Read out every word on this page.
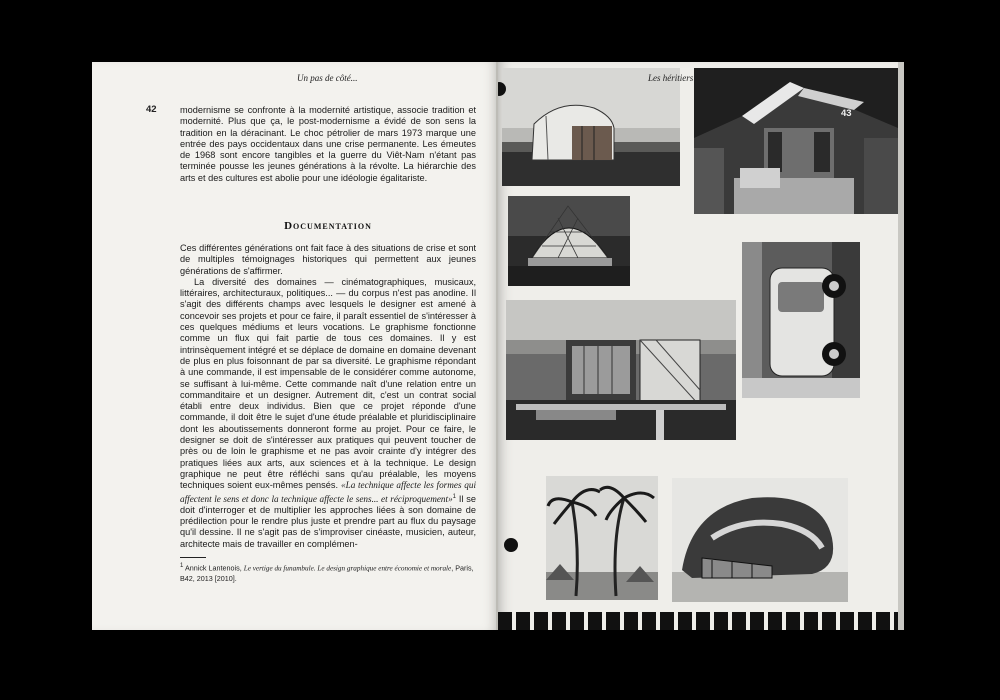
Un pas de côté...
42	modernisme se confronte à la modernité artistique, associe tradition et modernité. Plus que ça, le post-modernisme a évidé de son sens la tradition en la déracinant. Le choc pétrolier de mars 1973 marque une entrée des pays occidentaux dans une crise permanente. Les émeutes de 1968 sont encore tangibles et la guerre du Viêt-Nam n'étant pas terminée pousse les jeunes générations à la révolte. La hiérarchie des arts et des cultures est abolie pour une idéologie égalitariste.

Documentation

Ces différentes générations ont fait face à des situations de crise et sont de multiples témoignages historiques qui permettent aux jeunes générations de s'affirmer.

La diversité des domaines — cinématographiques, musicaux, littéraires, architecturaux, politiques... — du corpus n'est pas anodine. Il s'agit des différents champs avec lesquels le designer est amené à concevoir ses projets et pour ce faire, il paraît essentiel de s'intéresser à ces quelques médiums et leurs vocations. Le graphisme fonctionne comme un flux qui fait partie de tous ces domaines. Il y est intrinsèquement intégré et se déplace de domaine en domaine devenant de plus en plus foisonnant de par sa diversité. Le graphisme répondant à une commande, il est impensable de le considérer comme autonome, se suffisant à lui-même. Cette commande naît d'une relation entre un commanditaire et un designer. Autrement dit, c'est un contrat social établi entre deux individus. Bien que ce projet réponde d'une commande, il doit être le sujet d'une étude préalable et pluridisciplinaire dont les aboutissements donneront forme au projet. Pour ce faire, le designer se doit de s'intéresser aux pratiques qui peuvent toucher de près ou de loin le graphisme et ne pas avoir crainte d'y intégrer des pratiques liées aux arts, aux sciences et à la technique. Le design graphique ne peut être réfléchi sans qu'au préalable, les moyens techniques soient eux-mêmes pensés. «La technique affecte les formes qui affectent le sens et donc la technique affecte le sens... et réciproquement»$^1$ Il se doit d'interroger et de multiplier les approches liées à son domaine de prédilection pour le rendre plus juste et prendre part au flux du paysage qu'il dessine. Il ne s'agit pas de s'improviser cinéaste, musicien, auteur, architecte mais de travailler en complémen-

$^1$ Annick Lantenois, Le vertige du funambule. Le design graphique entre économie et morale, Paris, B42, 2013 [2010].
Les héritiers
43
